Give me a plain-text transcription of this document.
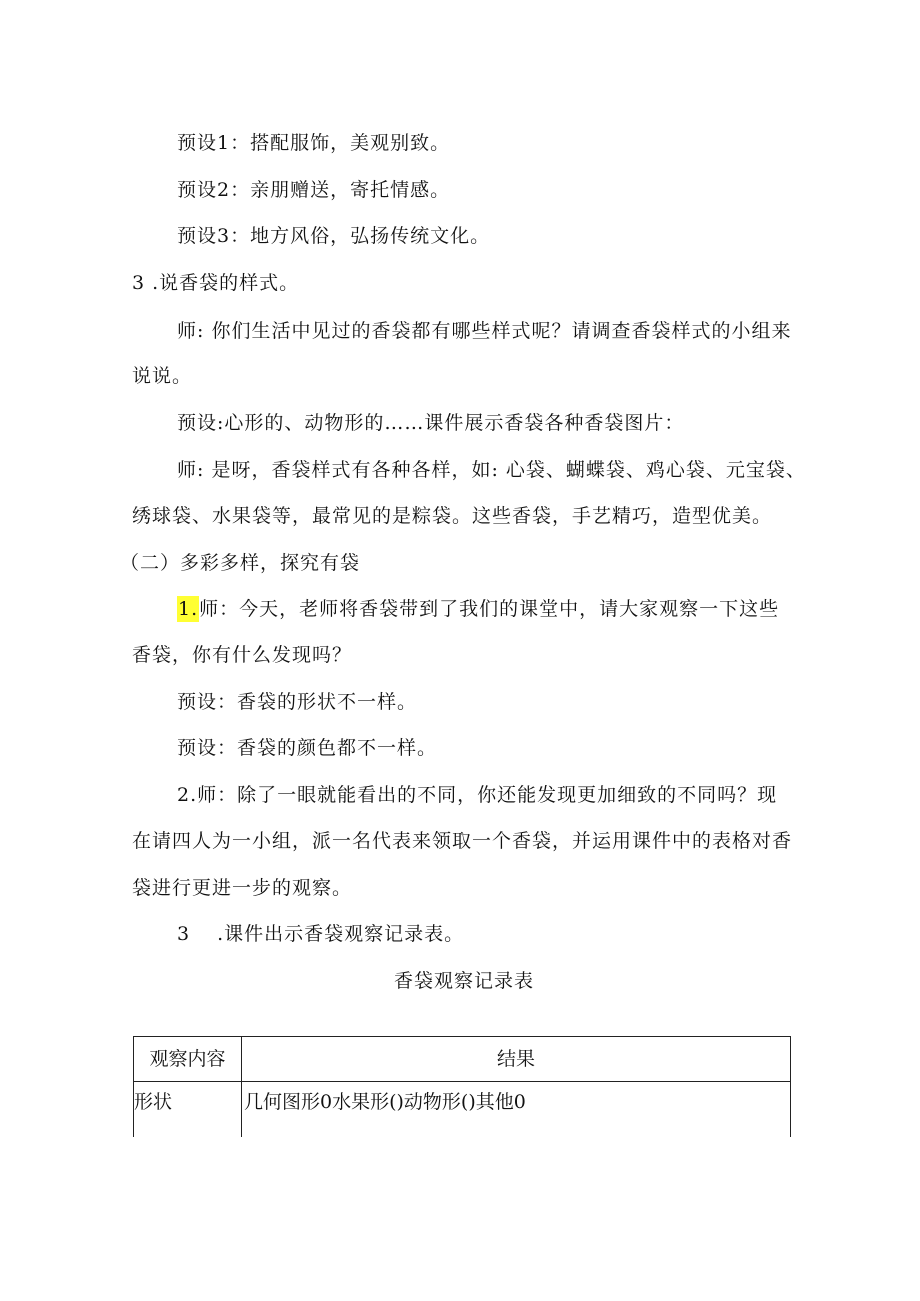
预设1：搭配服饰，美观别致。
预设2：亲朋赠送，寄托情感。
预设3：地方风俗，弘扬传统文化。
3 .说香袋的样式。
师: 你们生活中见过的香袋都有哪些样式呢？请调查香袋样式的小组来
说说。
预设:心形的、动物形的……课件展示香袋各种香袋图片：
师: 是呀，香袋样式有各种各样，如: 心袋、蝴蝶袋、鸡心袋、元宝袋、
绣球袋、水果袋等，最常见的是粽袋。这些香袋，手艺精巧，造型优美。
（二）多彩多样，探究有袋
1.师：今天，老师将香袋带到了我们的课堂中，请大家观察一下这些
香袋，你有什么发现吗？
预设：香袋的形状不一样。
预设：香袋的颜色都不一样。
2.师：除了一眼就能看出的不同，你还能发现更加细致的不同吗？现
在请四人为一小组，派一名代表来领取一个香袋，并运用课件中的表格对香
袋进行更进一步的观察。
3　 .课件出示香袋观察记录表。
香袋观察记录表
观察内容	结果
形状	几何图形0水果形()动物形()其他0
